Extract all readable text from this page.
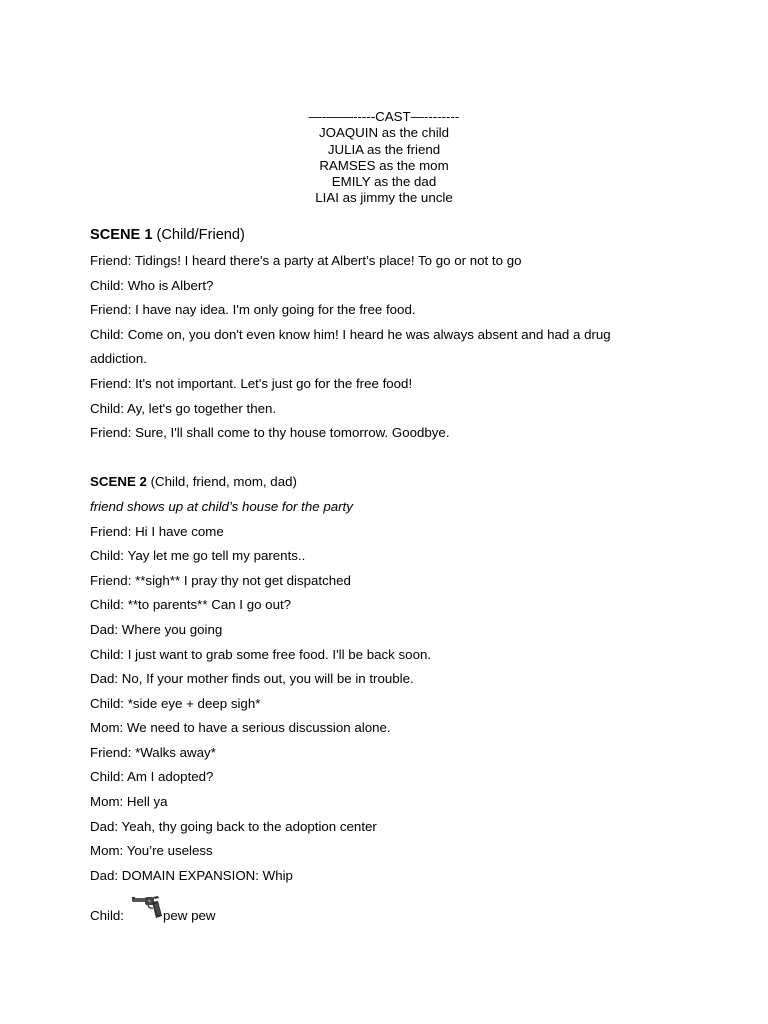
—-——-----CAST—--------
JOAQUIN as the child
JULIA as the friend
RAMSES as the mom
EMILY as the dad
LIAI as jimmy the uncle
SCENE 1 (Child/Friend)
Friend: Tidings! I heard there's a party at Albert’s place! To go or not to go
Child: Who is Albert?
Friend: I have nay idea. I'm only going for the free food.
Child: Come on, you don't even know him! I heard he was always absent and had a drug
addiction.
Friend: It's not important. Let's just go for the free food!
Child: Ay, let's go together then.
Friend: Sure, I'll shall come to thy house tomorrow. Goodbye.
SCENE 2 (Child, friend, mom, dad)
friend shows up at child’s house for the party
Friend: Hi I have come
Child: Yay let me go tell my parents..
Friend: **sigh** I pray thy not get dispatched
Child: **to parents** Can I go out?
Dad: Where you going
Child: I just want to grab some free food. I'll be back soon.
Dad: No, If your mother finds out, you will be in trouble.
Child: *side eye + deep sigh*
Mom: We need to have a serious discussion alone.
Friend: *Walks away*
Child: Am I adopted?
Mom: Hell ya
Dad: Yeah, thy going back to the adoption center
Mom: You’re useless
Dad: DOMAIN EXPANSION: Whip
Child:	pew pew
